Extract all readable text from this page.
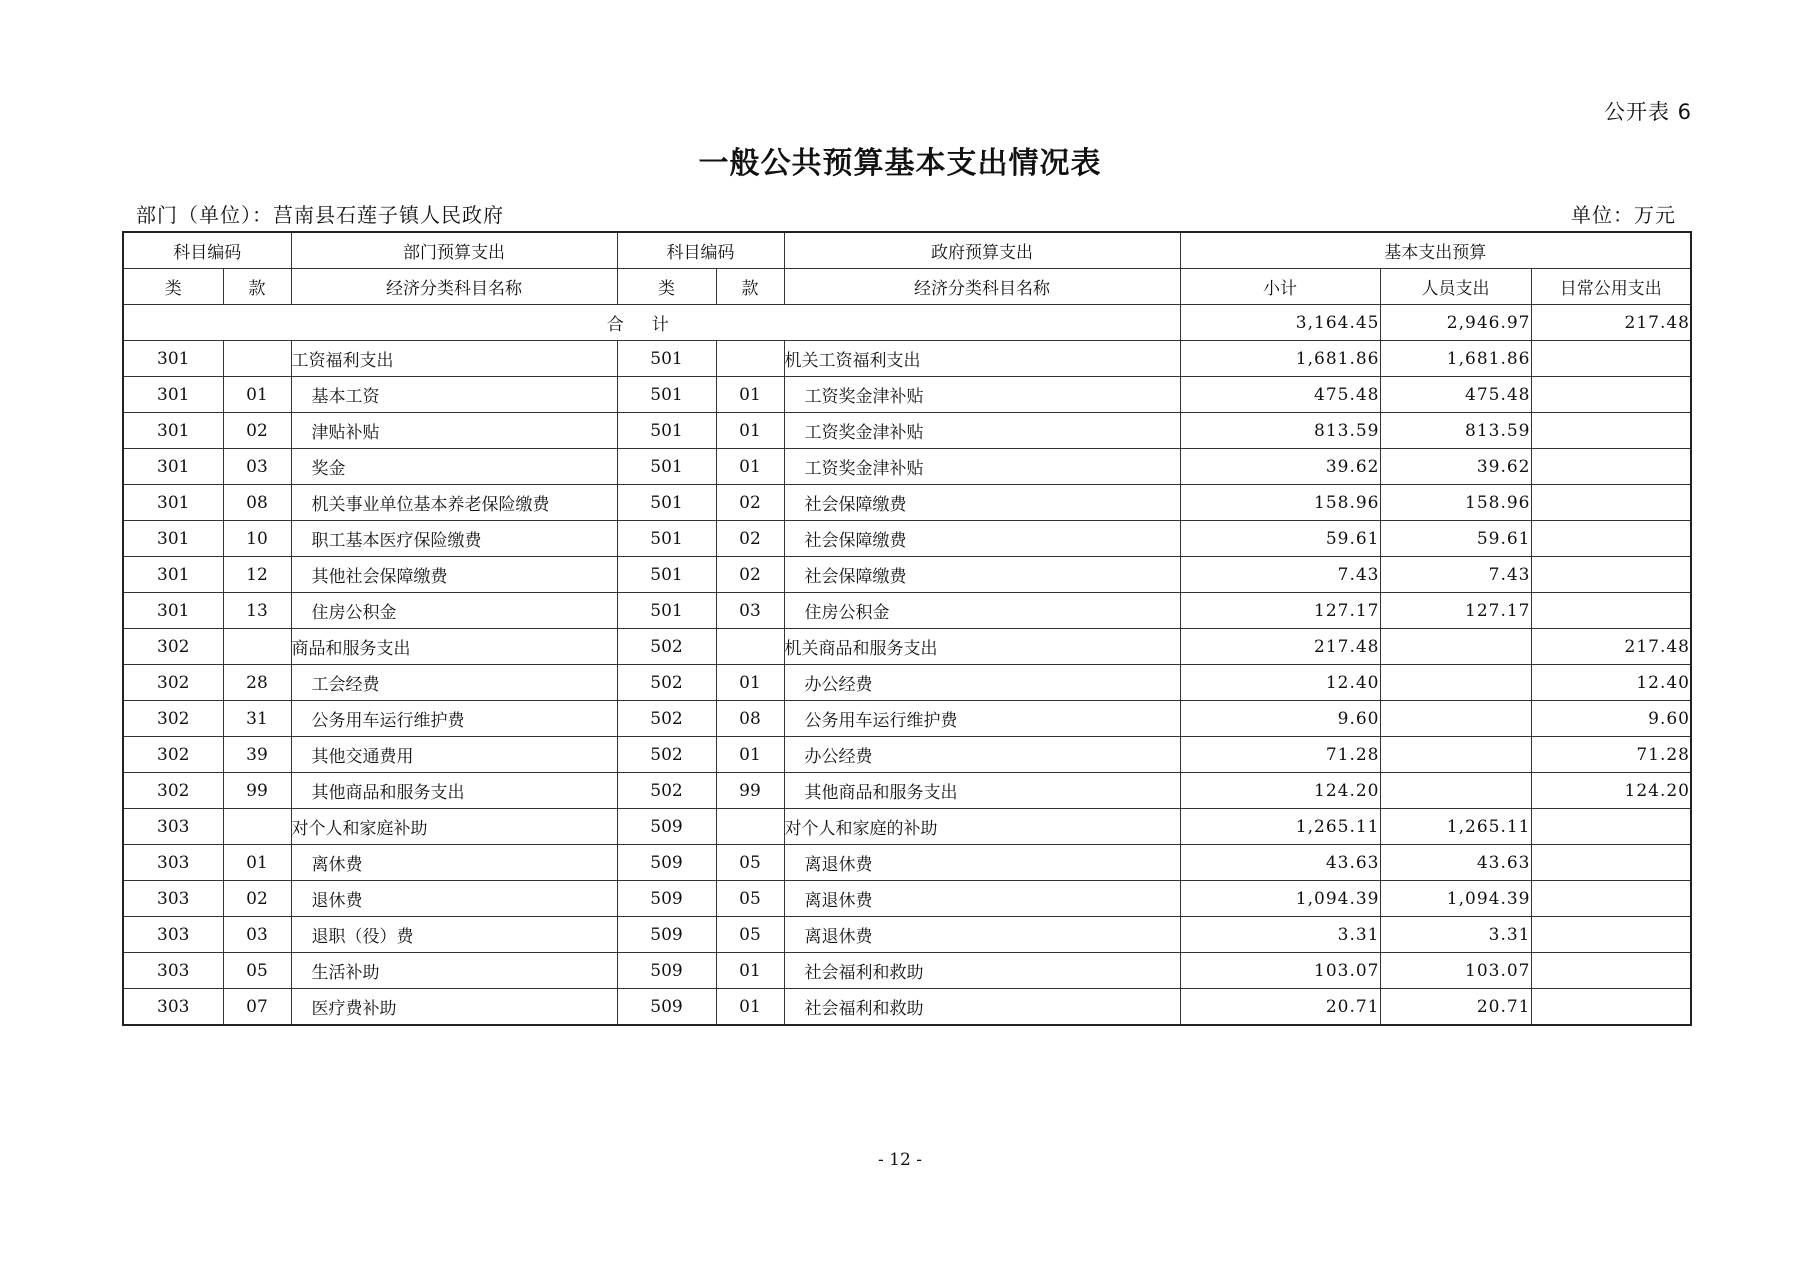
公开表 6
一般公共预算基本支出情况表
部门（单位）：莒南县石莲子镇人民政府	单位：万元
科目编码		部门预算支出	科目编码		政府预算支出	基本支出预算		
类	款	经济分类科目名称	类	款	经济分类科目名称	小计	人员支出	日常公用支出
合计						3,164.45	2,946.97	217.48
301		工资福利支出	501		机关工资福利支出	1,681.86	1,681.86	
301	01	基本工资	501	01	工资奖金津补贴	475.48	475.48	
301	02	津贴补贴	501	01	工资奖金津补贴	813.59	813.59	
301	03	奖金	501	01	工资奖金津补贴	39.62	39.62	
301	08	机关事业单位基本养老保险缴费	501	02	社会保障缴费	158.96	158.96	
301	10	职工基本医疗保险缴费	501	02	社会保障缴费	59.61	59.61	
301	12	其他社会保障缴费	501	02	社会保障缴费	7.43	7.43	
301	13	住房公积金	501	03	住房公积金	127.17	127.17	
302		商品和服务支出	502		机关商品和服务支出	217.48		217.48
302	28	工会经费	502	01	办公经费	12.40		12.40
302	31	公务用车运行维护费	502	08	公务用车运行维护费	9.60		9.60
302	39	其他交通费用	502	01	办公经费	71.28		71.28
302	99	其他商品和服务支出	502	99	其他商品和服务支出	124.20		124.20
303		对个人和家庭补助	509		对个人和家庭的补助	1,265.11	1,265.11	
303	01	离休费	509	05	离退休费	43.63	43.63	
303	02	退休费	509	05	离退休费	1,094.39	1,094.39	
303	03	退职（役）费	509	05	离退休费	3.31	3.31	
303	05	生活补助	509	01	社会福利和救助	103.07	103.07	
303	07	医疗费补助	509	01	社会福利和救助	20.71	20.71	
- 12 -
